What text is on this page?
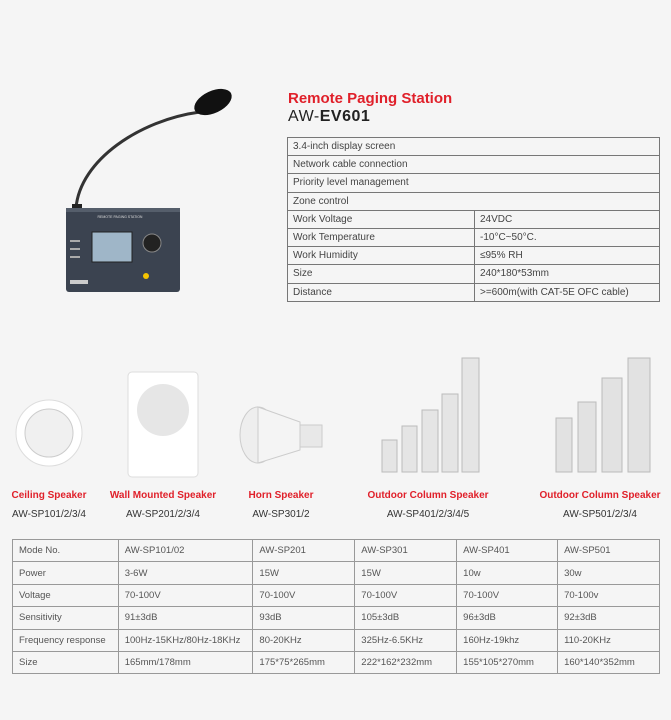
REMOTE PAGING STATION
Remote Paging Station
AW-EV601
3.4-inch display screen	
Network cable connection	
Priority level management	
Zone control	
Work Voltage	24VDC
Work Temperature	-10°C~50°C.
Work Humidity	≤95% RH
Size	240*180*53mm
Distance	>=600m(with CAT-5E OFC cable)
Ceiling Speaker
AW-SP101/2/3/4
Wall Mounted Speaker
AW-SP201/2/3/4
Horn Speaker
AW-SP301/2
Outdoor Column Speaker
AW-SP401/2/3/4/5
Outdoor Column Speaker
AW-SP501/2/3/4
Mode No.	AW-SP101/02	AW-SP201	AW-SP301	AW-SP401	AW-SP501
Power	3-6W	15W	15W	10w	30w
Voltage	70-100V	70-100V	70-100V	70-100V	70-100v
Sensitivity	91±3dB	93dB	105±3dB	96±3dB	92±3dB
Frequency response	100Hz-15KHz/80Hz-18KHz	80-20KHz	325Hz-6.5KHz	160Hz-19khz	110-20KHz
Size	165mm/178mm	175*75*265mm	222*162*232mm	155*105*270mm	160*140*352mm
